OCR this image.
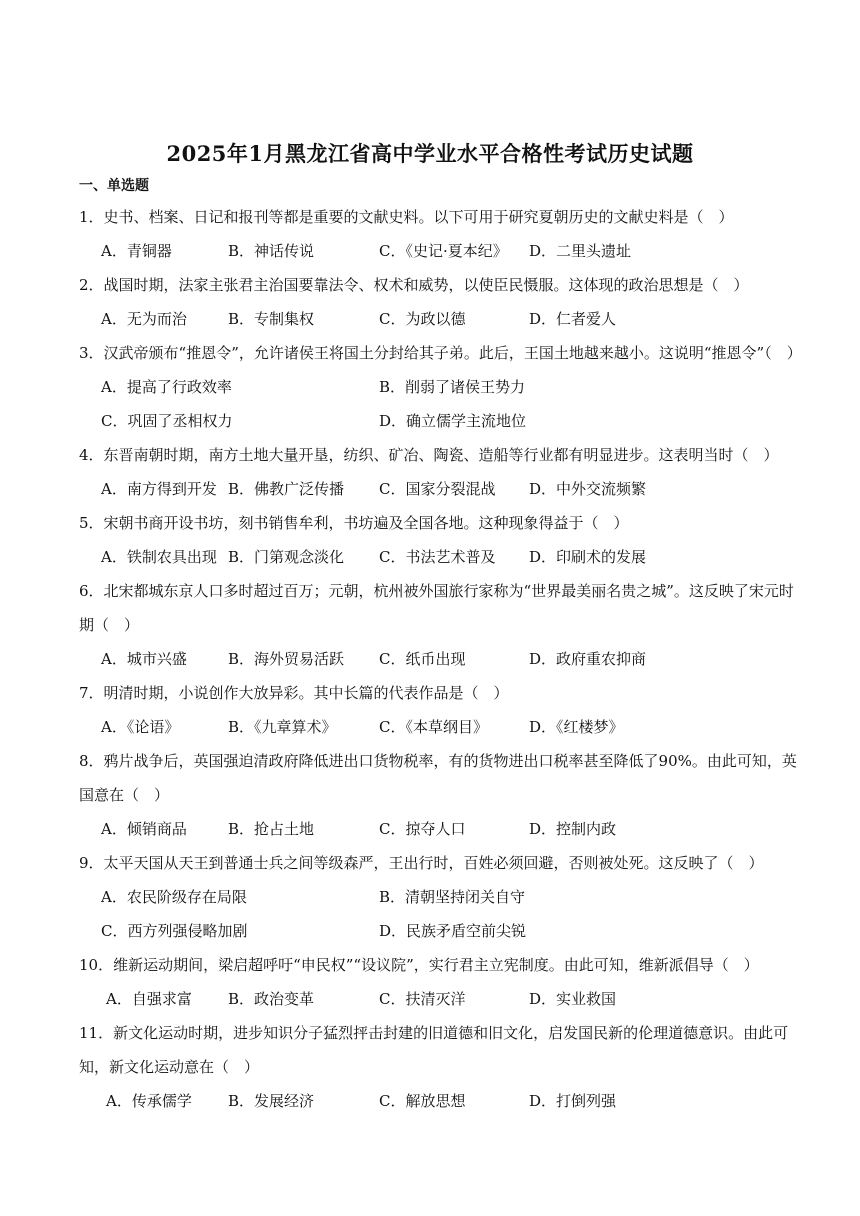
2025年1月黑龙江省高中学业水平合格性考试历史试题
一、单选题

1．史书、档案、日记和报刊等都是重要的文献史料。以下可用于研究夏朝历史的文献史料是（　）

A．青铜器	B．神话传说	C．《史记·夏本纪》 D．二里头遗址

2．战国时期，法家主张君主治国要靠法令、权术和威势，以使臣民慑服。这体现的政治思想是（　）

A．无为而治	B．专制集权	C．为政以德	D．仁者爱人

3．汉武帝颁布“推恩令”，允许诸侯王将国土分封给其子弟。此后，王国土地越来越小。这说明“推恩令”（　）

A．提高了行政效率	B．削弱了诸侯王势力
C．巩固了丞相权力	D．确立儒学主流地位

4．东晋南朝时期，南方土地大量开垦，纺织、矿冶、陶瓷、造船等行业都有明显进步。这表明当时（　）

A．南方得到开发 B．佛教广泛传播 C．国家分裂混战 D．中外交流频繁

5．宋朝书商开设书坊，刻书销售牟利，书坊遍及全国各地。这种现象得益于（　）

A．铁制农具出现 B．门第观念淡化 C．书法艺术普及 D．印刷术的发展

6．北宋都城东京人口多时超过百万；元朝，杭州被外国旅行家称为“世界最美丽名贵之城”。这反映了宋元时期（　）

A．城市兴盛	B．海外贸易活跃 C．纸币出现	D．政府重农抑商

7．明清时期，小说创作大放异彩。其中长篇的代表作品是（　）

A．《论语》	B．《九章算术》	C．《本草纲目》	D．《红楼梦》

8．鸦片战争后，英国强迫清政府降低进出口货物税率，有的货物进出口税率甚至降低了90%。由此可知，英国意在（　）

A．倾销商品	B．抢占土地	C．掠夺人口	D．控制内政

9．太平天国从天王到普通士兵之间等级森严，王出行时，百姓必须回避，否则被处死。这反映了（　）

A．农民阶级存在局限	B．清朝坚持闭关自守
C．西方列强侵略加剧	D．民族矛盾空前尖锐

10．维新运动期间，梁启超呼吁“申民权”“设议院”，实行君主立宪制度。由此可知，维新派倡导（　）

A．自强求富 B．政治变革	C．扶清灭洋	D．实业救国

11．新文化运动时期，进步知识分子猛烈抨击封建的旧道德和旧文化，启发国民新的伦理道德意识。由此可知，新文化运动意在（　）

A．传承儒学 B．发展经济	C．解放思想	D．打倒列强
